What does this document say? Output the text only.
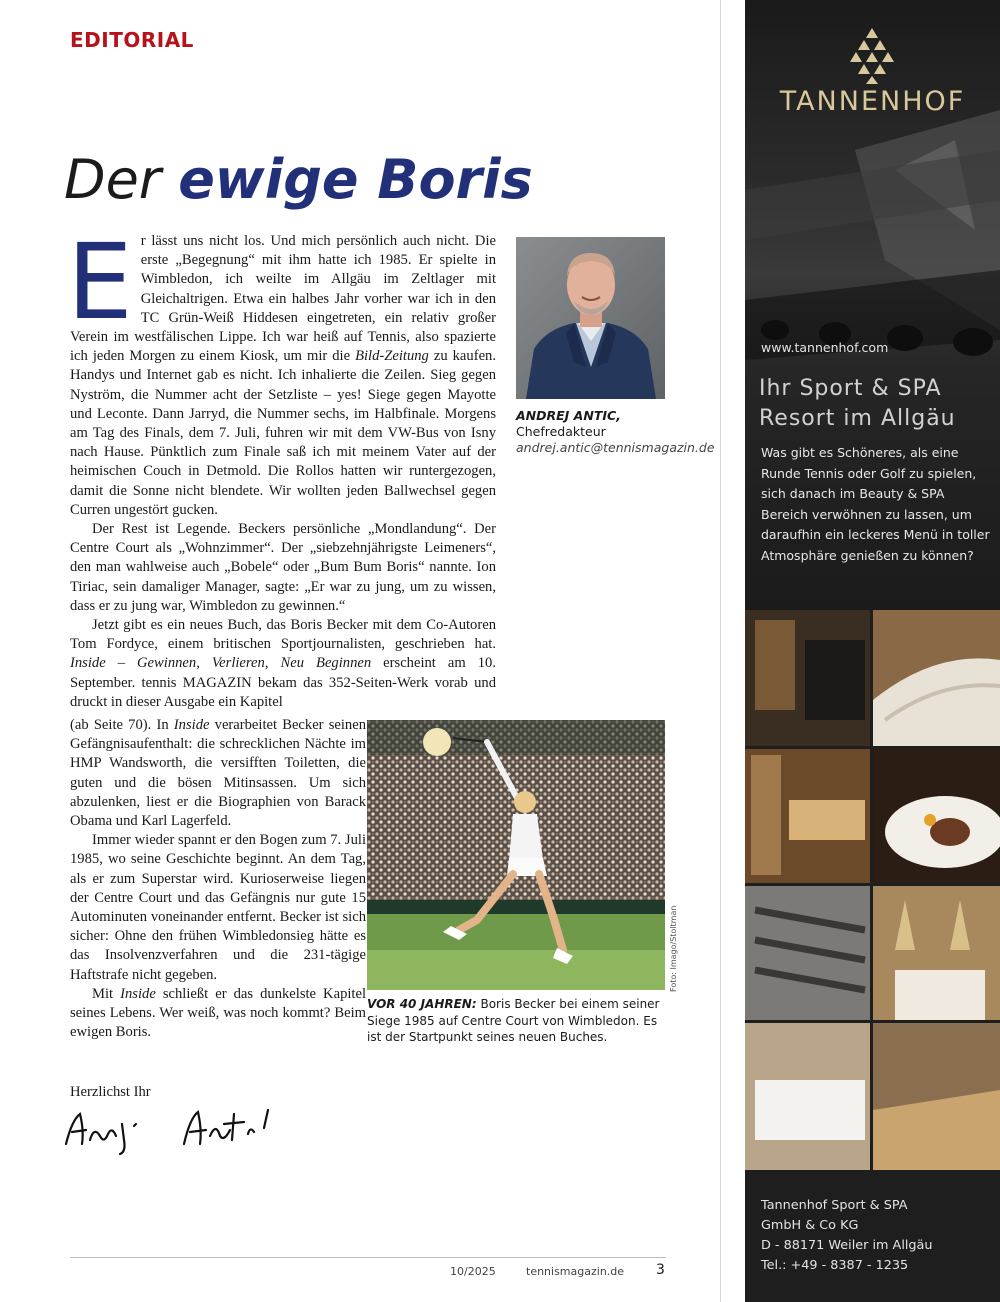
EDITORIAL
Der ewige Boris

Er lässt uns nicht los. Und mich persönlich auch nicht. Die erste „Begegnung“ mit ihm hatte ich 1985. Er spielte in Wimbledon, ich weilte im Allgäu im Zeltlager mit Gleichaltrigen. Etwa ein halbes Jahr vorher war ich in den TC Grün-Weiß Hiddesen eingetreten, ein relativ großer Verein im westfälischen Lippe. Ich war heiß auf Tennis, also spazierte ich jeden Morgen zu einem Kiosk, um mir die Bild-Zeitung zu kaufen. Handys und Internet gab es nicht. Ich inhalierte die Zeilen. Sieg gegen Nyström, die Nummer acht der Setzliste – yes! Siege gegen Mayotte und Leconte. Dann Jarryd, die Nummer sechs, im Halbfinale. Morgens am Tag des Finals, dem 7. Juli, fuhren wir mit dem VW-Bus von Isny nach Hause. Pünktlich zum Finale saß ich mit meinem Vater auf der heimischen Couch in Detmold. Die Rollos hatten wir runtergezogen, damit die Sonne nicht blendete. Wir wollten jeden Ballwechsel gegen Curren ungestört gucken.

Der Rest ist Legende. Beckers persönliche „Mondlandung“. Der Centre Court als „Wohnzimmer“. Der „siebzehnjährigste Leimeners“, den man wahlweise auch „Bobele“ oder „Bum Bum Boris“ nannte. Ion Tiriac, sein damaliger Manager, sagte: „Er war zu jung, um zu wissen, dass er zu jung war, Wimbledon zu gewinnen.“

Jetzt gibt es ein neues Buch, das Boris Becker mit dem Co-Autoren Tom Fordyce, einem britischen Sportjournalisten, geschrieben hat. Inside – Gewinnen, Verlieren, Neu Beginnen erscheint am 10. September. tennis MAGAZIN bekam das 352-Seiten-Werk vorab und druckt in dieser Ausgabe ein Kapitel

ANDREJ ANTIC,
Chefredakteur
andrej.antic@tennismagazin.de

(ab Seite 70). In Inside verarbeitet Becker seinen Gefängnisaufenthalt: die schrecklichen Nächte im HMP Wandsworth, die versifften Toiletten, die guten und die bösen Mitinsassen. Um sich abzulenken, liest er die Biographien von Barack Obama und Karl Lagerfeld.

Immer wieder spannt er den Bogen zum 7. Juli 1985, wo seine Geschichte beginnt. An dem Tag, als er zum Superstar wird. Kurioserweise liegen der Centre Court und das Gefängnis nur gute 15 Autominuten voneinander entfernt. Becker ist sich sicher: Ohne den frühen Wimbledonsieg hätte es das Insolvenzverfahren und die 231-tägige Haftstrafe nicht gegeben.

Mit Inside schließt er das dunkelste Kapitel seines Lebens. Wer weiß, was noch kommt? Beim ewigen Boris.

Foto: Imago/Stoltman
VOR 40 JAHREN: Boris Becker bei einem seiner Siege 1985 auf Centre Court von Wimbledon. Es ist der Startpunkt seines neuen Buches.
Herzlichst Ihr
10/2025	tennismagazin.de 3
TANNENHOF
www.tannenhof.com
Ihr Sport & SPA
Resort im Allgäu
Was gibt es Schöneres, als eine Runde Tennis oder Golf zu spielen, sich danach im Beauty & SPA Bereich verwöhnen zu lassen, um daraufhin ein leckeres Menü in toller Atmosphäre genießen zu können?
Tannenhof Sport & SPA
GmbH & Co KG
D - 88171 Weiler im Allgäu
Tel.: +49 - 8387 - 1235
